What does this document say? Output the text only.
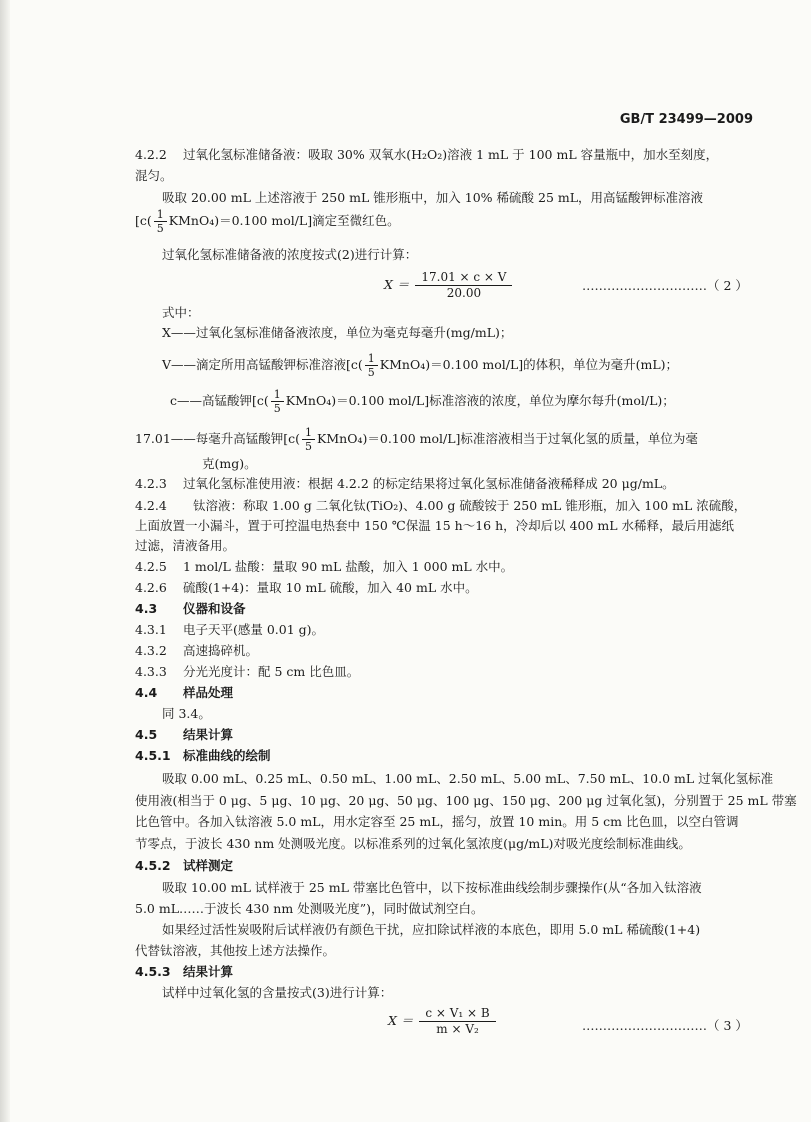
GB/T 23499—2009
4.2.2 过氧化氢标准储备液：吸取 30% 双氧水(H₂O₂)溶液 1 mL 于 100 mL 容量瓶中，加水至刻度，
混匀。
吸取 20.00 mL 上述溶液于 250 mL 锥形瓶中，加入 10% 稀硫酸 25 mL，用高锰酸钾标准溶液
[$c( \frac{1}{5}$ KMnO₄)＝0.100 mol/L]滴定至微红色。
过氧化氢标准储备液的浓度按式(2)进行计算：
$X = \frac{17.01 \times c \times V}{20.00}$	…………………………（ 2 ）
式中：
X——过氧化氢标准储备液浓度，单位为毫克每毫升(mg/mL)；
V——滴定所用高锰酸钾标准溶液[$c( \frac{1}{5}$ KMnO₄)＝0.100 mol/L]的体积，单位为毫升(mL)；
c——高锰酸钾[$c( \frac{1}{5}$ KMnO₄)＝0.100 mol/L]标准溶液的浓度，单位为摩尔每升(mol/L)；
17.01——每毫升高锰酸钾[$c( \frac{1}{5}$ KMnO₄)＝0.100 mol/L]标准溶液相当于过氧化氢的质量，单位为毫
克(mg)。
4.2.3 过氧化氢标准使用液：根据 4.2.2 的标定结果将过氧化氢标准储备液稀释成 20 μg/mL。
4.2.4 钛溶液：称取 1.00 g 二氧化钛(TiO₂)、4.00 g 硫酸铵于 250 mL 锥形瓶，加入 100 mL 浓硫酸，
上面放置一小漏斗，置于可控温电热套中 150 ℃保温 15 h～16 h，冷却后以 400 mL 水稀释，最后用滤纸
过滤，清液备用。
4.2.5 1 mol/L 盐酸：量取 90 mL 盐酸，加入 1 000 mL 水中。
4.2.6 硫酸(1+4)：量取 10 mL 硫酸，加入 40 mL 水中。
4.3 仪器和设备
4.3.1 电子天平(感量 0.01 g)。
4.3.2 高速捣碎机。
4.3.3 分光光度计：配 5 cm 比色皿。
4.4 样品处理
同 3.4。
4.5 结果计算
4.5.1 标准曲线的绘制
吸取 0.00 mL、0.25 mL、0.50 mL、1.00 mL、2.50 mL、5.00 mL、7.50 mL、10.0 mL 过氧化氢标准
使用液(相当于 0 μg、5 μg、10 μg、20 μg、50 μg、100 μg、150 μg、200 μg 过氧化氢)，分别置于 25 mL 带塞
比色管中。各加入钛溶液 5.0 mL，用水定容至 25 mL，摇匀，放置 10 min。用 5 cm 比色皿，以空白管调
节零点，于波长 430 nm 处测吸光度。以标准系列的过氧化氢浓度(μg/mL)对吸光度绘制标准曲线。
4.5.2 试样测定
吸取 10.00 mL 试样液于 25 mL 带塞比色管中，以下按标准曲线绘制步骤操作(从“各加入钛溶液
5.0 mL……于波长 430 nm 处测吸光度”)，同时做试剂空白。
如果经过活性炭吸附后试样液仍有颜色干扰，应扣除试样液的本底色，即用 5.0 mL 稀硫酸(1+4)
代替钛溶液，其他按上述方法操作。
4.5.3 结果计算
试样中过氧化氢的含量按式(3)进行计算：
$X = \frac{\text{c × V₁ × B}}{\text{m × V₂}}$	…………………………（ 3 ）
